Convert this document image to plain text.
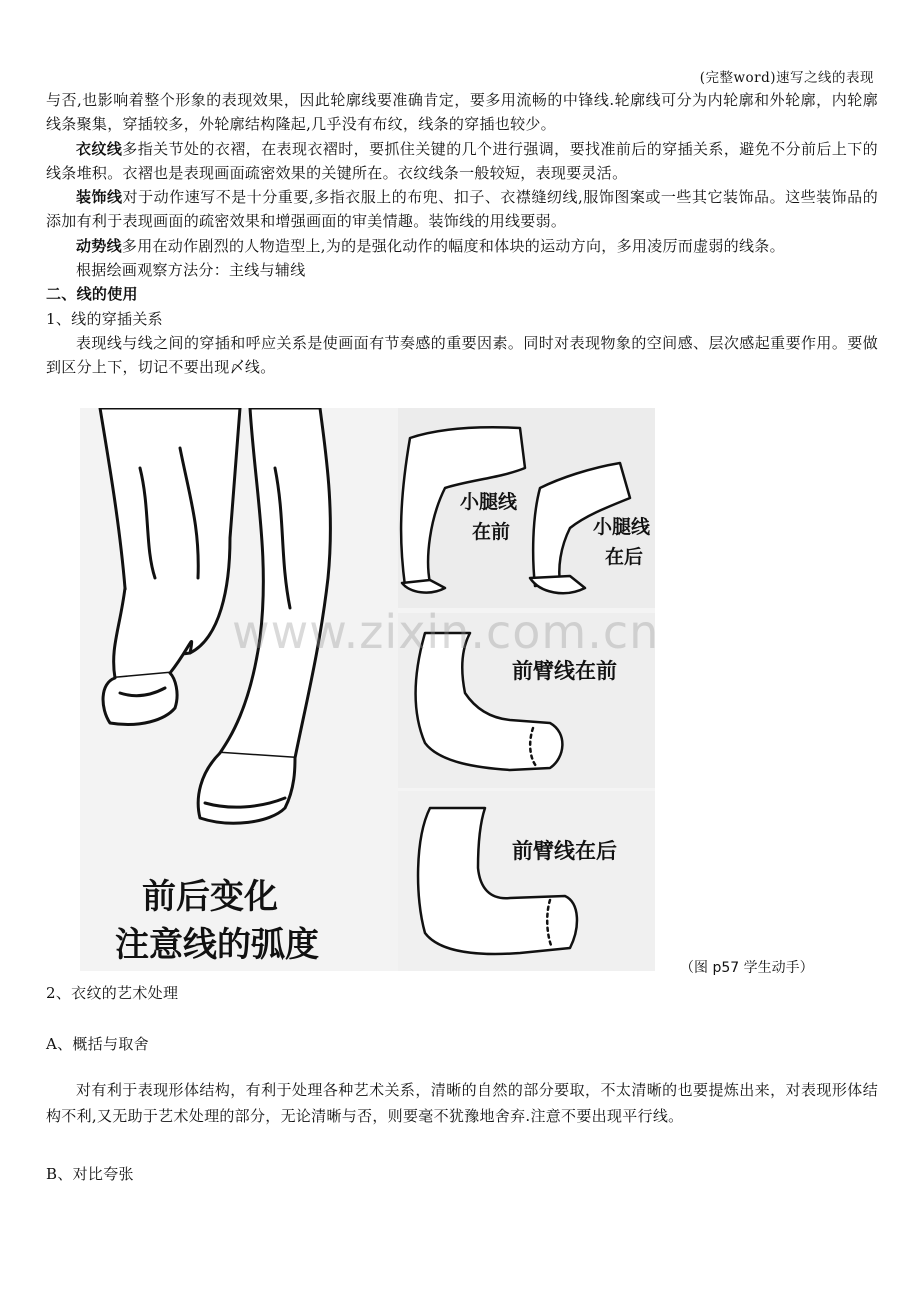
(完整word)速写之线的表现

与否,也影响着整个形象的表现效果，因此轮廓线要准确肯定，要多用流畅的中锋线.轮廓线可分为内轮廓和外轮廓，内轮廓线条聚集，穿插较多，外轮廓结构隆起,几乎没有布纹，线条的穿插也较少。

衣纹线多指关节处的衣褶，在表现衣褶时，要抓住关键的几个进行强调，要找准前后的穿插关系，避免不分前后上下的线条堆积。衣褶也是表现画面疏密效果的关键所在。衣纹线条一般较短，表现要灵活。

装饰线对于动作速写不是十分重要,多指衣服上的布兜、扣子、衣襟缝纫线,服饰图案或一些其它装饰品。这些装饰品的添加有利于表现画面的疏密效果和增强画面的审美情趣。装饰线的用线要弱。

动势线多用在动作剧烈的人物造型上,为的是强化动作的幅度和体块的运动方向，多用凌厉而虚弱的线条。

根据绘画观察方法分：主线与辅线

二、线的使用

1、线的穿插关系

表现线与线之间的穿插和呼应关系是使画面有节奏感的重要因素。同时对表现物象的空间感、层次感起重要作用。要做到区分上下，切记不要出现〆线。

前后变化
注意线的弧度
小腿线
在前	小腿线
在后
前臂线在前
前臂线在后
www.zixin.com.cn
（图 p57 学生动手）
2、衣纹的艺术处理
A、概括与取舍
对有利于表现形体结构，有利于处理各种艺术关系，清晰的自然的部分要取，不太清晰的也要提炼出来，对表现形体结构不利,又无助于艺术处理的部分，无论清晰与否，则要毫不犹豫地舍弃.注意不要出现平行线。
B、对比夸张
